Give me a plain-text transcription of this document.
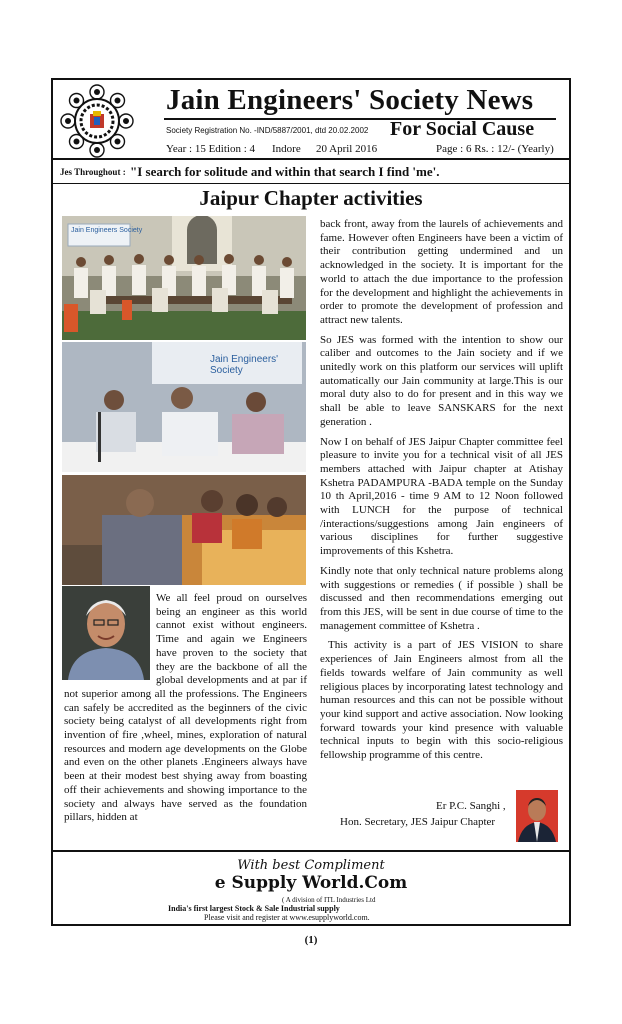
Jain Engineers' Society News
Society Registration No. -IND/5887/2001, dtd 20.02.2002 For Social Cause
Year : 15 Edition : 4 Indore 20 April 2016	Page : 6 Rs. : 12/- (Yearly)
Jes Throughout : "I search for solitude and within that search I find 'me'.
Jaipur Chapter activities
Jain Engineers Society
Jain Engineers' Society
We all feel proud on ourselves being an engineer as this world cannot exist without engineers. Time and again we Engineers have proven to the society that they are the backbone of all the global developments and at par if not superior among all the professions. The Engineers can safely be accredited as the beginners of the civic society being catalyst of all developments right from invention of fire ,wheel, mines, exploration of natural resources and modern age developments on the Globe and even on the other planets .Engineers always have been at their modest best shying away from boasting off their achievements and showing importance to the society and always have served as the foundation pillars, hidden at

back front, away from the laurels of achievements and fame. However often Engineers have been a victim of their contribution getting undermined and un acknowledged in the society. It is important for the world to attach the due importance to the profession for the development and highlight the achievements in order to promote the development of profession and attract new talents.

So JES was formed with the intention to show our caliber and outcomes to the Jain society and if we unitedly work on this platform our services will uplift automatically our Jain community at large.This is our moral duty also to do for present and in this way we shall be able to leave SANSKARS for the next generation .

Now I on behalf of JES Jaipur Chapter committee feel pleasure to invite you for a technical visit of all JES members attached with Jaipur chapter at Atishay Kshetra PADAMPURA -BADA temple on the Sunday 10 th April,2016 - time 9 AM to 12 Noon followed with LUNCH for the purpose of technical /interactions/suggestions among Jain engineers of various disciplines for further suggestive improvements of this Kshetra.

Kindly note that only technical nature problems along with suggestions or remedies ( if possible ) shall be discussed and then recommendations emerging out from this JES, will be sent in due course of time to the management committee of Kshetra .

This activity is a part of JES VISION to share experiences of Jain Engineers almost from all the fields towards welfare of Jain community as well religious places by incorporating latest technology and human resources and this can not be possible without your kind support and active association. Now looking forward towards your kind presence with valuable technical inputs to begin with this socio-religious fellowship programme of this centre.

Er P.C. Sanghi ,
Hon. Secretary, JES Jaipur Chapter
With best Compliment
e Supply World.Com
( A division of ITL Industries Ltd
India's first largest Stock & Sale Industrial supply
Please visit and register at www.esupplyworld.com.
(1)
